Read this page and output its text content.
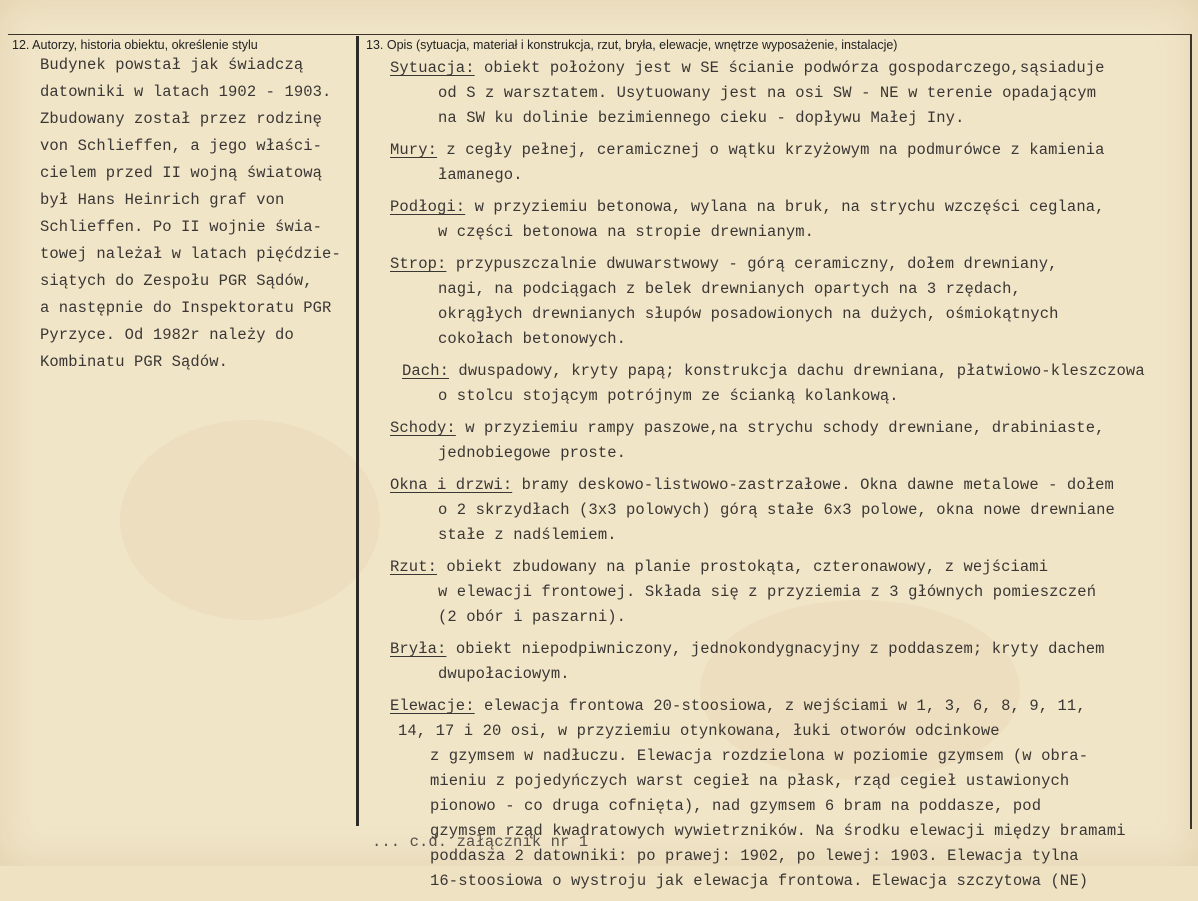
12. Autorzy, historia obiektu, określenie stylu	13. Opis (sytuacja, materiał i konstrukcja, rzut, bryła, elewacje, wnętrze wyposażenie, instalacje)
Budynek powstał jak świadczą
datowniki w latach 1902 - 1903.
Zbudowany został przez rodzinę
von Schlieffen, a jego właści-
cielem przed II wojną światową
był Hans Heinrich graf von
Schlieffen. Po II wojnie świa-
towej należał w latach pięćdzie-
siątych do Zespołu PGR Sądów,
a następnie do Inspektoratu PGR
Pyrzyce. Od 1982r należy do
Kombinatu PGR Sądów.
Sytuacja: obiekt położony jest w SE ścianie podwórza gospodarczego,sąsiaduje
od S z warsztatem. Usytuowany jest na osi SW - NE w terenie opadającym
na SW ku dolinie bezimiennego cieku - dopływu Małej Iny.
Mury: z cegły pełnej, ceramicznej o wątku krzyżowym na podmurówce z kamienia
łamanego.
Podłogi: w przyziemiu betonowa, wylana na bruk, na strychu wzczęści ceglana,
w części betonowa na stropie drewnianym.
Strop: przypuszczalnie dwuwarstwowy - górą ceramiczny, dołem drewniany,
nagi, na podciągach z belek drewnianych opartych na 3 rzędach,
okrągłych drewnianych słupów posadowionych na dużych, ośmiokątnych
cokołach betonowych.
Dach: dwuspadowy, kryty papą; konstrukcja dachu drewniana, płatwiowo-kleszczowa
o stolcu stojącym potrójnym ze ścianką kolankową.
Schody: w przyziemiu rampy paszowe,na strychu schody drewniane, drabiniaste,
jednobiegowe proste.
Okna i drzwi: bramy deskowo-listwowo-zastrzałowe. Okna dawne metalowe - dołem
o 2 skrzydłach (3x3 polowych) górą stałe 6x3 polowe, okna nowe drewniane
stałe z nadślemiem.
Rzut: obiekt zbudowany na planie prostokąta, czteronawowy, z wejściami
w elewacji frontowej. Składa się z przyziemia z 3 głównych pomieszczeń
(2 obór i paszarni).
Bryła: obiekt niepodpiwniczony, jednokondygnacyjny z poddaszem; kryty dachem
dwupołaciowym.
Elewacje: elewacja frontowa 20-stoosiowa, z wejściami w 1, 3, 6, 8, 9, 11,
14, 17 i 20 osi, w przyziemiu otynkowana, łuki otworów odcinkowe
z gzymsem w nadłuczu. Elewacja rozdzielona w poziomie gzymsem (w obra-
mieniu z pojedyńczych warst cegieł na płask, rząd cegieł ustawionych
pionowo - co druga cofnięta), nad gzymsem 6 bram na poddasze, pod
gzymsem rząd kwadratowych wywietrzników. Na środku elewacji między bramami
poddasza 2 datowniki: po prawej: 1902, po lewej: 1903. Elewacja tylna
16-stoosiowa o wystroju jak elewacja frontowa. Elewacja szczytowa (NE)
... c.d. załącznik nr 1
